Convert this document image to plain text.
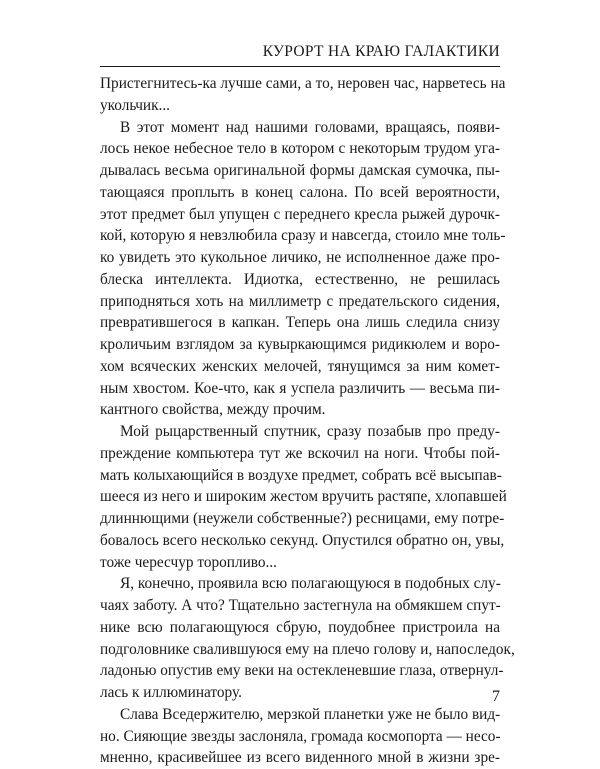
КУРОРТ НА КРАЮ ГАЛАКТИКИ
Пристегнитесь-ка лучше сами, а то, неровен час, нарветесь на
укольчик...
В этот момент над нашими головами, вращаясь, появи-
лось некое небесное тело в котором с некоторым трудом уга-
дывалась весьма оригинальной формы дамская сумочка, пы-
тающаяся проплыть в конец салона. По всей вероятности,
этот предмет был упущен с переднего кресла рыжей дурочк-
кой, которую я невзлюбила сразу и навсегда, стоило мне толь-
ко увидеть это кукольное личико, не исполненное даже про-
блеска интеллекта. Идиотка, естественно, не решилась
приподняться хоть на миллиметр с предательского сидения,
превратившегося в капкан. Теперь она лишь следила снизу
кроличьим взглядом за кувыркающимся ридикюлем и воро-
хом всяческих женских мелочей, тянущимся за ним комет-
ным хвостом. Кое-что, как я успела различить — весьма пи-
кантного свойства, между прочим.
Мой рыцарственный спутник, сразу позабыв про преду-
преждение компьютера тут же вскочил на ноги. Чтобы пой-
мать колыхающийся в воздухе предмет, собрать всё высыпав-
шееся из него и широким жестом вручить растяпе, хлопавшей
длиннющими (неужели собственные?) ресницами, ему потре-
бовалось всего несколько секунд. Опустился обратно он, увы,
тоже чересчур торопливо...
Я, конечно, проявила всю полагающуюся в подобных слу-
чаях заботу. А что? Тщательно застегнула на обмякшем спут-
нике всю полагающуюся сбрую, поудобнее пристроила на
подголовнике свалившуюся ему на плечо голову и, напоследок,
ладонью опустив ему веки на остекленевшие глаза, отвернул-
лась к иллюминатору.
Слава Вседержителю, мерзкой планетки уже не было вид-
но. Сияющие звезды заслоняла, громада космопорта — несо-
мненно, красивейшее из всего виденного мной в жизни зре-
7
